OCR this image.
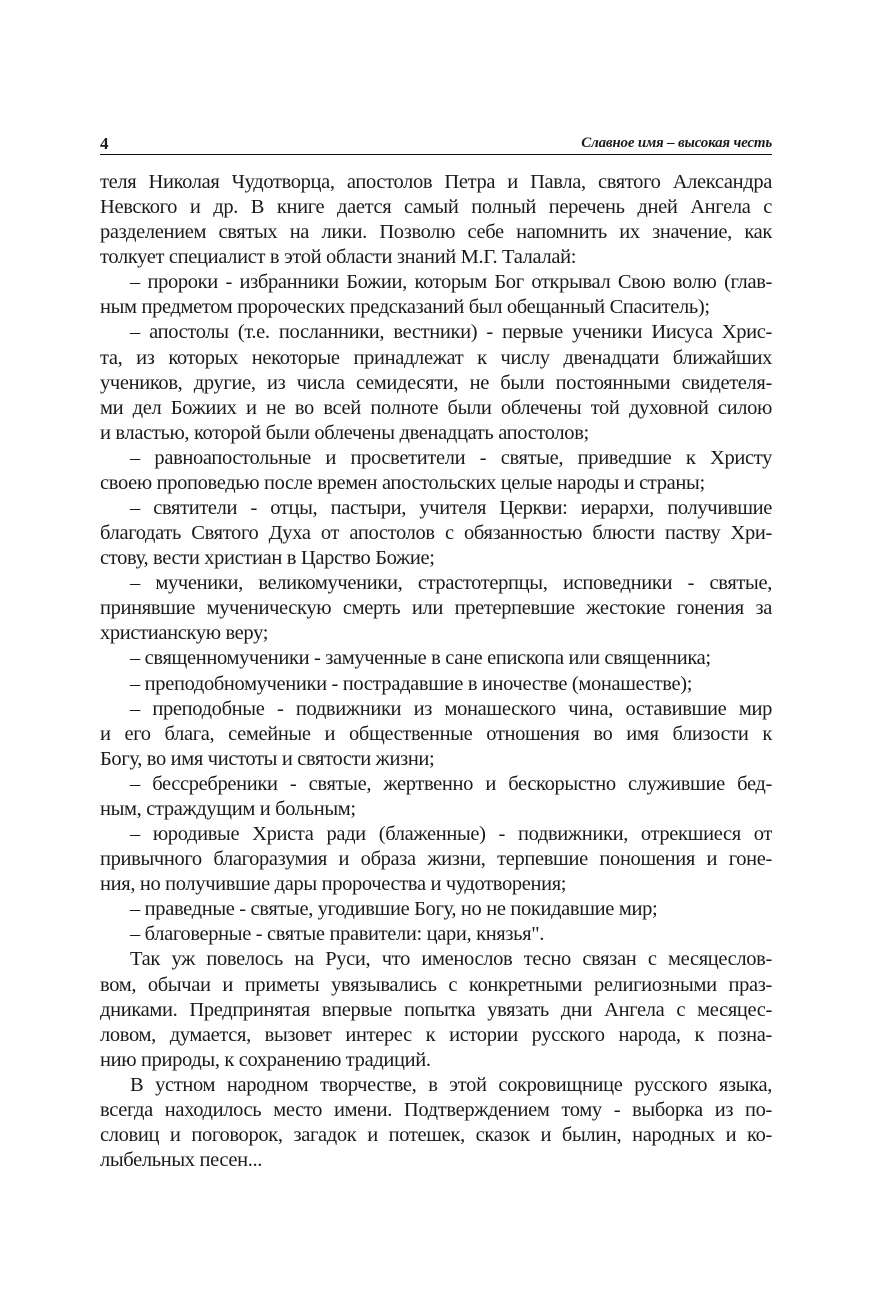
4	Славное имя – высокая честь
теля Николая Чудотворца, апостолов Петра и Павла, святого Александра
Невского и др. В книге дается самый полный перечень дней Ангела с
разделением святых на лики. Позволю себе напомнить их значение, как
толкует специалист в этой области знаний М.Г. Талалай:
– пророки - избранники Божии, которым Бог открывал Свою волю (глав-
ным предметом пророческих предсказаний был обещанный Спаситель);
– апостолы (т.е. посланники, вестники) - первые ученики Иисуса Хрис-
та, из которых некоторые принадлежат к числу двенадцати ближайших
учеников, другие, из числа семидесяти, не были постоянными свидетеля-
ми дел Божиих и не во всей полноте были облечены той духовной силою
и властью, которой были облечены двенадцать апостолов;
– равноапостольные и просветители - святые, приведшие к Христу
своею проповедью после времен апостольских целые народы и страны;
– святители - отцы, пастыри, учителя Церкви: иерархи, получившие
благодать Святого Духа от апостолов с обязанностью блюсти паству Хри-
стову, вести христиан в Царство Божие;
– мученики, великомученики, страстотерпцы, исповедники - святые,
принявшие мученическую смерть или претерпевшие жестокие гонения за
христианскую веру;
– священномученики - замученные в сане епископа или священника;
– преподобномученики - пострадавшие в иночестве (монашестве);
– преподобные - подвижники из монашеского чина, оставившие мир
и его блага, семейные и общественные отношения во имя близости к
Богу, во имя чистоты и святости жизни;
– бессребреники - святые, жертвенно и бескорыстно служившие бед-
ным, страждущим и больным;
– юродивые Христа ради (блаженные) - подвижники, отрекшиеся от
привычного благоразумия и образа жизни, терпевшие поношения и гоне-
ния, но получившие дары пророчества и чудотворения;
– праведные - святые, угодившие Богу, но не покидавшие мир;
– благоверные - святые правители: цари, князья".
Так уж повелось на Руси, что именослов тесно связан с месяцеслов-
вом, обычаи и приметы увязывались с конкретными религиозными праз-
дниками. Предпринятая впервые попытка увязать дни Ангела с месяцес-
ловом, думается, вызовет интерес к истории русского народа, к позна-
нию природы, к сохранению традиций.
В устном народном творчестве, в этой сокровищнице русского языка,
всегда находилось место имени. Подтверждением тому - выборка из по-
словиц и поговорок, загадок и потешек, сказок и былин, народных и ко-
лыбельных песен...
